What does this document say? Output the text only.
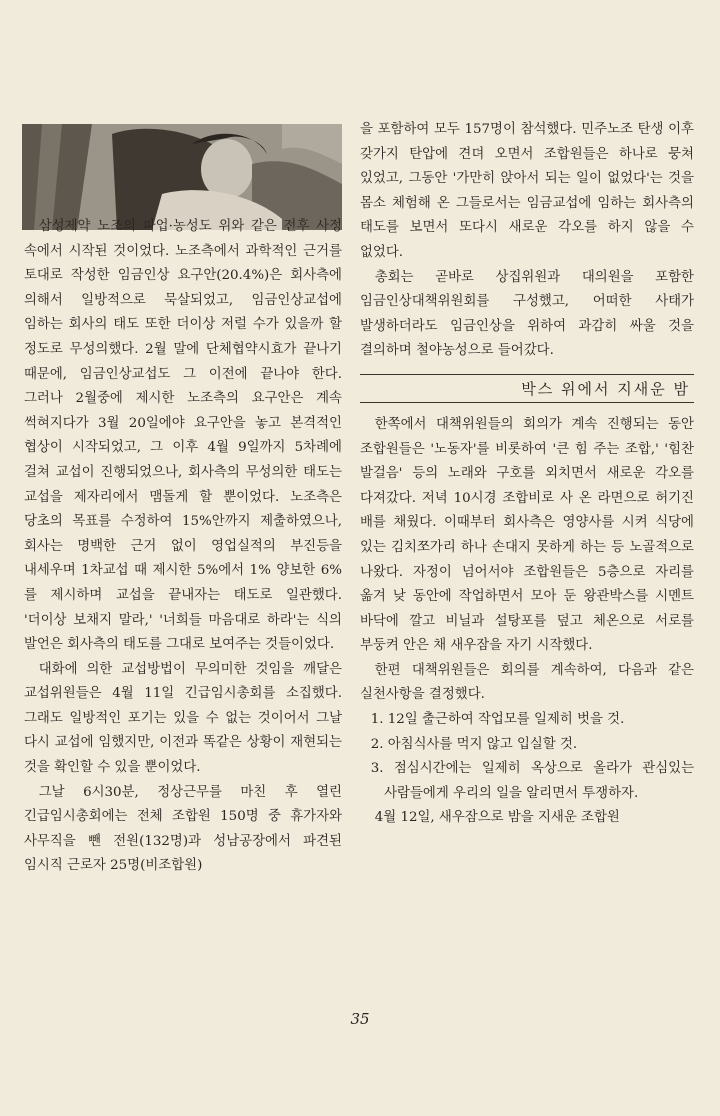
삼성제약 노조의 파업·농성도 위와 같은 전후 사정 속에서 시작된 것이었다. 노조측에서 과학적인 근거를 토대로 작성한 임금인상 요구안(20.4%)은 회사측에 의해서 일방적으로 묵살되었고, 임금인상교섭에 임하는 회사의 태도 또한 더이상 저럴 수가 있을까 할 정도로 무성의했다. 2월 말에 단체협약시효가 끝나기 때문에, 임금인상교섭도 그 이전에 끝나야 한다. 그러나 2월중에 제시한 노조측의 요구안은 계속 썩혀지다가 3월 20일에야 요구안을 놓고 본격적인 협상이 시작되었고, 그 이후 4월 9일까지 5차례에 걸쳐 교섭이 진행되었으나, 회사측의 무성의한 태도는 교섭을 제자리에서 맴돌게 할 뿐이었다. 노조측은 당초의 목표를 수정하여 15%안까지 제출하였으나, 회사는 명백한 근거 없이 영업실적의 부진등을 내세우며 1차교섭 때 제시한 5%에서 1% 양보한 6%를 제시하며 교섭을 끝내자는 태도로 일관했다. '더이상 보채지 말라,' '너희들 마음대로 하라'는 식의 발언은 회사측의 태도를 그대로 보여주는 것들이었다.

대화에 의한 교섭방법이 무의미한 것임을 깨달은 교섭위원들은 4월 11일 긴급임시총회를 소집했다. 그래도 일방적인 포기는 있을 수 없는 것이어서 그날 다시 교섭에 임했지만, 이전과 똑같은 상황이 재현되는 것을 확인할 수 있을 뿐이었다.

그날 6시30분, 정상근무를 마친 후 열린 긴급임시총회에는 전체 조합원 150명 중 휴가자와 사무직을 뺀 전원(132명)과 성남공장에서 파견된 임시직 근로자 25명(비조합원)

을 포함하여 모두 157명이 참석했다. 민주노조 탄생 이후 갖가지 탄압에 견뎌 오면서 조합원들은 하나로 뭉쳐 있었고, 그동안 '가만히 앉아서 되는 일이 없었다'는 것을 몸소 체험해 온 그들로서는 임금교섭에 임하는 회사측의 태도를 보면서 또다시 새로운 각오를 하지 않을 수 없었다.

총회는 곧바로 상집위원과 대의원을 포함한 임금인상대책위원회를 구성했고, 어떠한 사태가 발생하더라도 임금인상을 위하여 과감히 싸울 것을 결의하며 철야농성으로 들어갔다.

박스 위에서 지새운 밤

한쪽에서 대책위원들의 회의가 계속 진행되는 동안 조합원들은 '노동자'를 비롯하여 '큰 힘 주는 조합,' '힘찬 발걸음' 등의 노래와 구호를 외치면서 새로운 각오를 다져갔다. 저녁 10시경 조합비로 사 온 라면으로 허기진 배를 채웠다. 이때부터 회사측은 영양사를 시켜 식당에 있는 김치쪼가리 하나 손대지 못하게 하는 등 노골적으로 나왔다. 자정이 넘어서야 조합원들은 5층으로 자리를 옮겨 낮 동안에 작업하면서 모아 둔 왕관박스를 시멘트 바닥에 깔고 비닐과 설탕포를 덮고 체온으로 서로를 부둥켜 안은 채 새우잠을 자기 시작했다.

한편 대책위원들은 회의를 계속하여, 다음과 같은 실천사항을 결정했다.

1. 12일 출근하여 작업모를 일제히 벗을 것.

2. 아침식사를 먹지 않고 입실할 것.

3. 점심시간에는 일제히 옥상으로 올라가 관심있는 사람들에게 우리의 일을 알리면서 투쟁하자.

4월 12일, 새우잠으로 밤을 지새운 조합원

35
